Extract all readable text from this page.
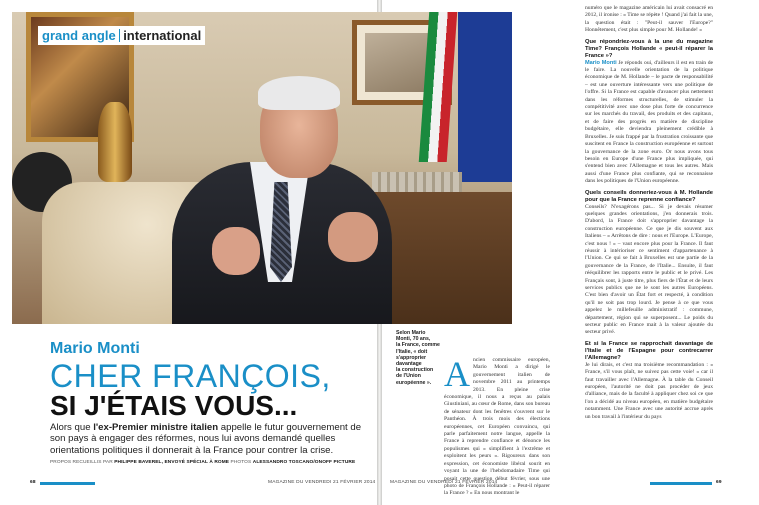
grand angle international
Selon Mario
Monti, 70 ans,
la France, comme
l'Italie, « doit
s'approprier
davantage
la construction
de l'Union
européenne ».
Mario Monti
CHER FRANÇOIS,
SI J'ÉTAIS VOUS...
Alors que l'ex-Premier ministre italien appelle le futur gouvernement de son pays à engager des réformes, nous lui avons demandé quelles orientations politiques il donnerait à la France pour contrer la crise.
PROPOS RECUEILLIS PAR PHILIPPE BAVEREL, ENVOYÉ SPÉCIAL À ROME PHOTOS ALESSANDRO TOSCANO/ONOFF PICTURE
Ancien commissaire européen, Mario Monti a dirigé le gouvernement italien de novembre 2011 au printemps 2013. En pleine crise économique, il nous a reçus au palais Giustiniani, au cœur de Rome, dans son bureau de sénateur dont les fenêtres s'ouvrent sur le Panthéon. À trois mois des élections européennes, cet Européen convaincu, qui parle parfaitement notre langue, appelle la France à reprendre confiance et dénonce les populismes qui « simplifient à l'extrême et exploitent les peurs ». Rigoureux dans son expression, cet économiste libéral sourit en voyant la une de l'hebdomadaire Time qui posait cette question début février, sous une photo de François Hollande : « Peut-il réparer la France ? » En nous montrant le

numéro que le magazine américain lui avait consacré en 2012, il ironise : « Time se répète ! Quand j'ai fait la une, la question était : "Peut-il sauver l'Europe?" Honnêtement, c'est plus simple pour M. Hollande! »

Que répondriez-vous à la une du magazine Time? François Hollande « peut-il réparer la France »?

Mario Monti Je réponds oui, d'ailleurs il est en train de le faire. La nouvelle orientation de la politique économique de M. Hollande – le pacte de responsabilité – est une ouverture intéressante vers une politique de l'offre. Si la France est capable d'avancer plus nettement dans les réformes structurelles, de stimuler la compétitivité avec une dose plus forte de concurrence sur les marchés du travail, des produits et des capitaux, et de faire des progrès en matière de discipline budgétaire, elle deviendra pleinement crédible à Bruxelles. Je suis frappé par la frustration croissante que suscitent en France la construction européenne et surtout la gouvernance de la zone euro. Or nous avons tous besoin en Europe d'une France plus impliquée, qui s'entend bien avec l'Allemagne et tous les autres. Mais aussi d'une France plus confiante, qui se reconnaisse dans les politiques de l'Union européenne.

Quels conseils donneriez-vous à M. Hollande pour que la France reprenne confiance?

Conseils? N'exagérons pas... Si je devais résumer quelques grandes orientations, j'en donnerais trois. D'abord, la France doit s'approprier davantage la construction européenne. Ce que je dis souvent aux Italiens – « Arrêtons de dire : nous et l'Europe. L'Europe, c'est nous ! » – vaut encore plus pour la France. Il faut réussir à intérioriser ce sentiment d'appartenance à l'Union. Ce qui se fait à Bruxelles est une partie de la gouvernance de la France, de l'Italie... Ensuite, il faut rééquilibrer les rapports entre le public et le privé. Les Français sont, à juste titre, plus fiers de l'État et de leurs services publics que ne le sont les autres Européens. C'est bien d'avoir un État fort et respecté, à condition qu'il ne soit pas trop lourd. Je pense à ce que vous appelez le millefeuille administratif : commune, département, région qui se superposent... Le poids du secteur public en France mait à la valeur ajoutée du secteur privé.

Et si la France se rapprochait davantage de l'Italie et de l'Espagne pour contrecarrer l'Allemagne?

Je lui dirais, et c'est ma troisième recommandation : « France, s'il vous plaît, ne suivez pas cette voie! » car il faut travailler avec l'Allemagne. À la table du Conseil européen, l'autorité ne doit pas procéder de jeux d'alliance, mais de la faculté à appliquer chez soi ce que l'on a décidé au niveau européen, en matière budgétaire notamment. Une France avec une autorité accrue après un bon travail à l'intérieur du pays

68	MAGAZINE DU VENDREDI 21 FÉVRIER 2014	MAGAZINE DU VENDREDI 21 FÉVRIER 2014	69
